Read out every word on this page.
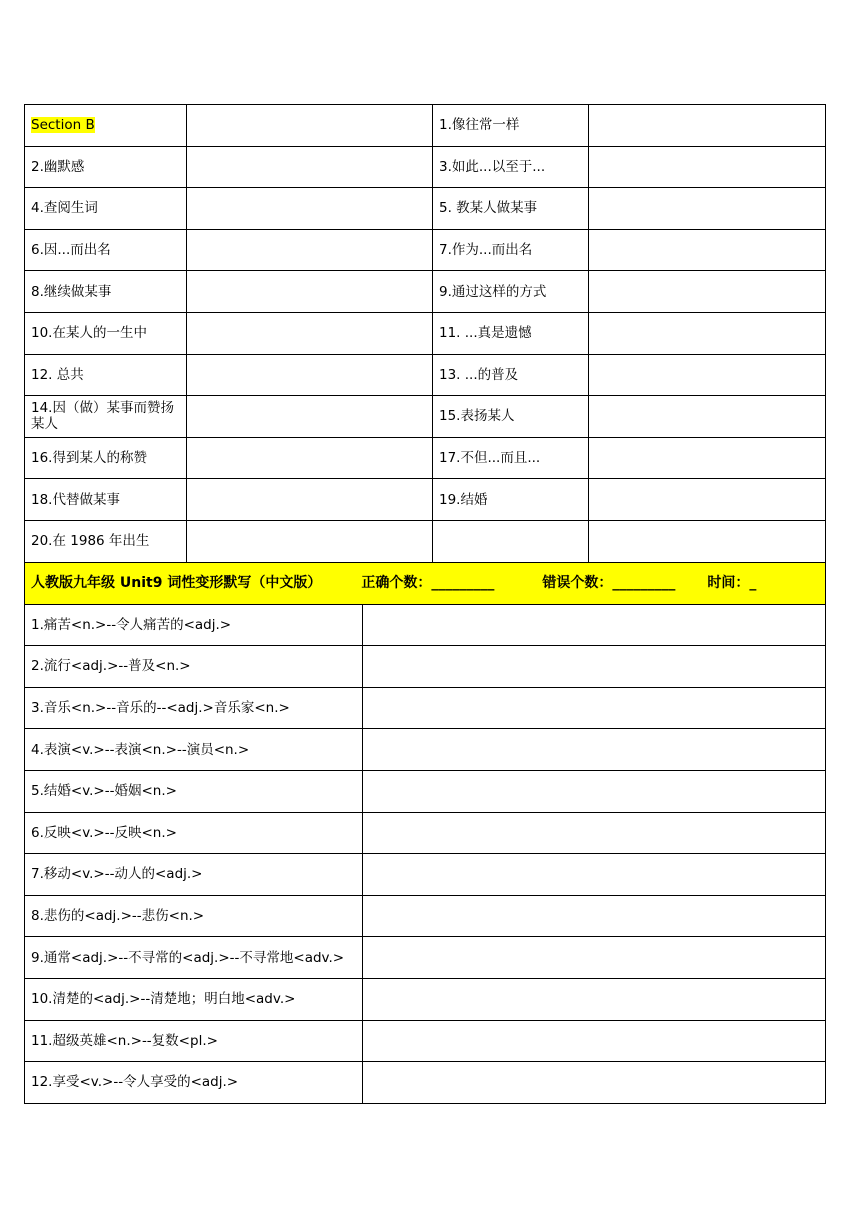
Section B		1.像往常一样	
2.幽默感		3.如此...以至于...	
4.查阅生词		5. 教某人做某事	
6.因...而出名		7.作为...而出名	
8.继续做某事		9.通过这样的方式	
10.在某人的一生中		11. ...真是遗憾	
12. 总共		13. ...的普及	
14.因（做）某事而赞扬某人		15.表扬某人	
16.得到某人的称赞		17.不但...而且...	
18.代替做某事		19.结婚	
20.在 1986 年出生			
人教版九年级 Unit9 词性变形默写（中文版） 正确个数：_________ 错误个数：_________ 时间：_	
1.痛苦<n.>--令人痛苦的<adj.>	
2.流行<adj.>--普及<n.>	
3.音乐<n.>--音乐的--<adj.>音乐家<n.>	
4.表演<v.>--表演<n.>--演员<n.>	
5.结婚<v.>--婚姻<n.>	
6.反映<v.>--反映<n.>	
7.移动<v.>--动人的<adj.>	
8.悲伤的<adj.>--悲伤<n.>	
9.通常<adj.>--不寻常的<adj.>--不寻常地<adv.>	
10.清楚的<adj.>--清楚地；明白地<adv.>	
11.超级英雄<n.>--复数<pl.>	
12.享受<v.>--令人享受的<adj.>	
